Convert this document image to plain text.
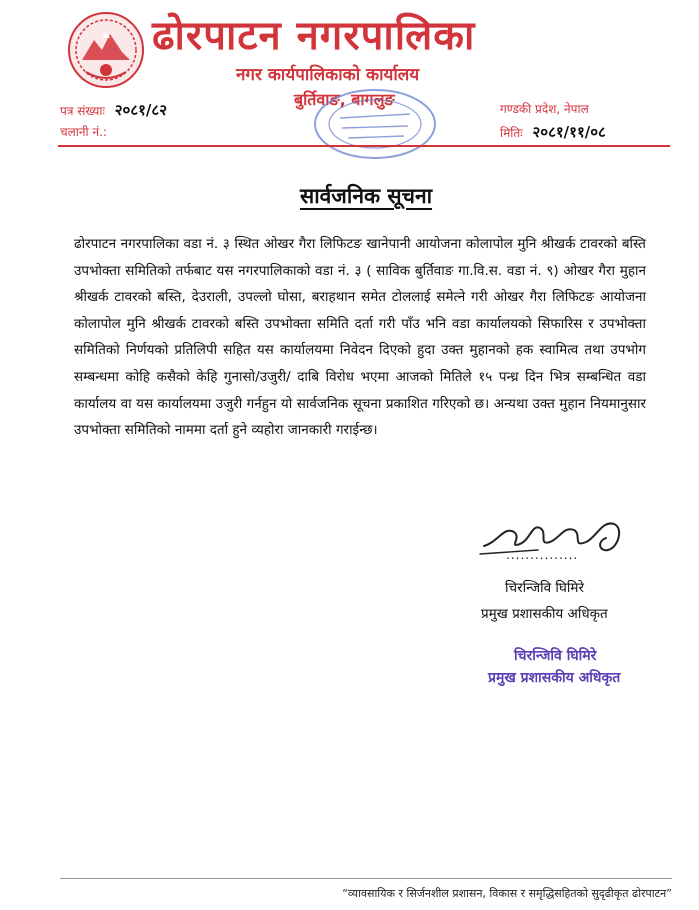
ढोरपाटन नगरपालिका
नगर कार्यपालिकाको कार्यालय
बुर्तिवाङ, बागलुङ
पत्र संख्याः २०८१/८२
चलानी नं.:
गण्डकी प्रदेश, नेपाल
मितिः २०८१/११/०८
सार्वजनिक सूचना
ढोरपाटन नगरपालिका वडा नं. ३ स्थित ओखर गैरा लिफिटङ खानेपानी आयोजना कोलापोल मुनि श्रीखर्क टावरको बस्ति उपभोक्ता समितिको तर्फबाट यस नगरपालिकाको वडा नं. ३ ( साविक बुर्तिवाङ गा.वि.स. वडा नं. ९) ओखर गैरा मुहान श्रीखर्क टावरको बस्ति, देउराली, उपल्लो घोसा, बराहथान समेत टोललाई समेत्ने गरी ओखर गैरा लिफिटङ आयोजना कोलापोल मुनि श्रीखर्क टावरको बस्ति उपभोक्ता समिति दर्ता गरी पाँउ भनि वडा कार्यालयको सिफारिस र उपभोक्ता समितिको निर्णयको प्रतिलिपी सहित यस कार्यालयमा निवेदन दिएको हुदा उक्त मुहानको हक स्वामित्व तथा उपभोग सम्बन्धमा कोहि कसैको केहि गुनासो/उजुरी/ दाबि विरोध भएमा आजको मितिले १५ पन्ध्र दिन भित्र सम्बन्धित वडा कार्यालय वा यस कार्यालयमा उजुरी गर्नहुन यो सार्वजनिक सूचना प्रकाशित गरिएको छ। अन्यथा उक्त मुहान नियमानुसार उपभोक्ता समितिको नाममा दर्ता हुने व्यहोरा जानकारी गराईन्छ।
...............
चिरन्जिवि घिमिरे
प्रमुख प्रशासकीय अधिकृत
चिरन्जिवि घिमिरे
प्रमुख प्रशासकीय अधिकृत
“व्यावसायिक र सिर्जनशील प्रशासन, विकास र समृद्धिसहितको सुदृढीकृत ढोरपाटन”
